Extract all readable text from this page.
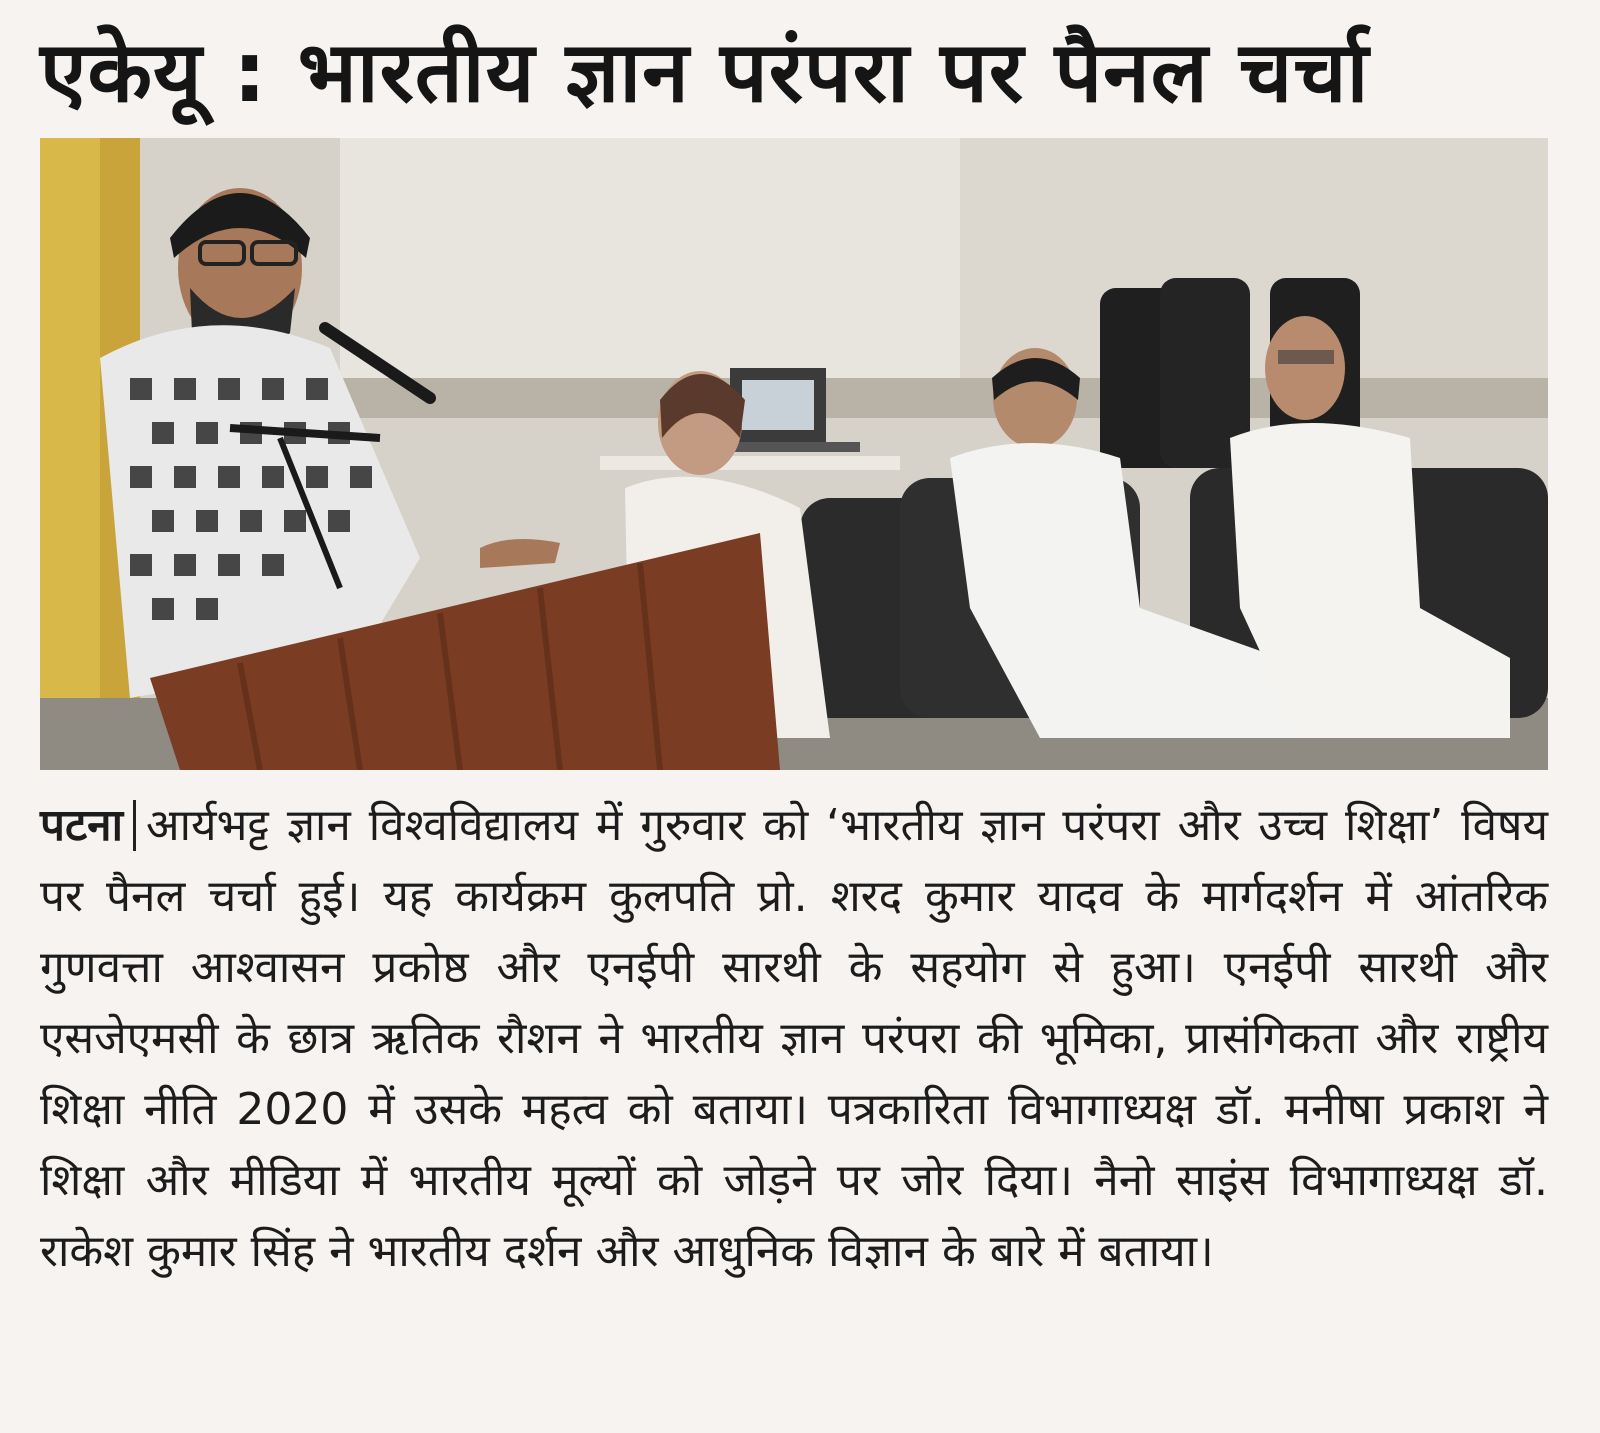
एकेयू : भारतीय ज्ञान परंपरा पर पैनल चर्चा
पटना आर्यभट्ट ज्ञान विश्वविद्यालय में गुरुवार को ‘भारतीय ज्ञान परंपरा और उच्च शिक्षा’ विषय पर पैनल चर्चा हुई। यह कार्यक्रम कुलपति प्रो. शरद कुमार यादव के मार्गदर्शन में आंतरिक गुणवत्ता आश्वासन प्रकोष्ठ और एनईपी सारथी के सहयोग से हुआ। एनईपी सारथी और एसजेएमसी के छात्र ऋतिक रौशन ने भारतीय ज्ञान परंपरा की भूमिका, प्रासंगिकता और राष्ट्रीय शिक्षा नीति 2020 में उसके महत्व को बताया। पत्रकारिता विभागाध्यक्ष डॉ. मनीषा प्रकाश ने शिक्षा और मीडिया में भारतीय मूल्यों को जोड़ने पर जोर दिया। नैनो साइंस विभागाध्यक्ष डॉ. राकेश कुमार सिंह ने भारतीय दर्शन और आधुनिक विज्ञान के बारे में बताया।
